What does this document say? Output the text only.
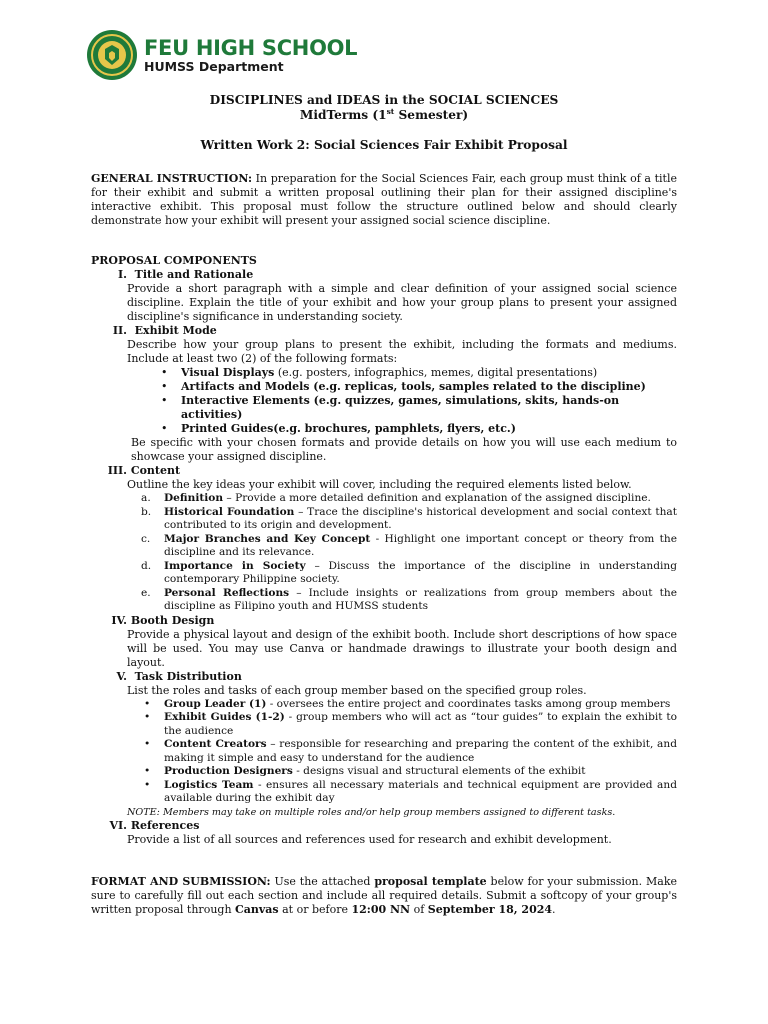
FEU HIGH SCHOOL
HUMSS Department
DISCIPLINES and IDEAS in the SOCIAL SCIENCES
MidTerms (1st Semester)
Written Work 2: Social Sciences Fair Exhibit Proposal
GENERAL INSTRUCTION: In preparation for the Social Sciences Fair, each group must think of a title for their exhibit and submit a written proposal outlining their plan for their assigned discipline's interactive exhibit. This proposal must follow the structure outlined below and should clearly demonstrate how your exhibit will present your assigned social science discipline.
PROPOSAL COMPONENTS
I. Title and Rationale
Provide a short paragraph with a simple and clear definition of your assigned social science discipline. Explain the title of your exhibit and how your group plans to present your assigned discipline's significance in understanding society.
II. Exhibit Mode
Describe how your group plans to present the exhibit, including the formats and mediums. Include at least two (2) of the following formats:
• Visual Displays (e.g. posters, infographics, memes, digital presentations)
• Artifacts and Models (e.g. replicas, tools, samples related to the discipline)
• Interactive Elements (e.g. quizzes, games, simulations, skits, hands-on activities)
• Printed Guides(e.g. brochures, pamphlets, flyers, etc.)
Be specific with your chosen formats and provide details on how you will use each medium to showcase your assigned discipline.
III. Content
Outline the key ideas your exhibit will cover, including the required elements listed below.
a. Definition – Provide a more detailed definition and explanation of the assigned discipline.
b. Historical Foundation – Trace the discipline's historical development and social context that contributed to its origin and development.
c. Major Branches and Key Concept - Highlight one important concept or theory from the discipline and its relevance.
d. Importance in Society – Discuss the importance of the discipline in understanding contemporary Philippine society.
e. Personal Reflections – Include insights or realizations from group members about the discipline as Filipino youth and HUMSS students
IV. Booth Design
Provide a physical layout and design of the exhibit booth. Include short descriptions of how space will be used. You may use Canva or handmade drawings to illustrate your booth design and layout.
V. Task Distribution
List the roles and tasks of each group member based on the specified group roles.
• Group Leader (1) - oversees the entire project and coordinates tasks among group members
• Exhibit Guides (1-2) - group members who will act as “tour guides” to explain the exhibit to the audience
• Content Creators – responsible for researching and preparing the content of the exhibit, and making it simple and easy to understand for the audience
• Production Designers - designs visual and structural elements of the exhibit
• Logistics Team - ensures all necessary materials and technical equipment are provided and available during the exhibit day
NOTE: Members may take on multiple roles and/or help group members assigned to different tasks.
VI. References
Provide a list of all sources and references used for research and exhibit development.
FORMAT AND SUBMISSION: Use the attached proposal template below for your submission. Make sure to carefully fill out each section and include all required details. Submit a softcopy of your group's written proposal through Canvas at or before 12:00 NN of September 18, 2024.
